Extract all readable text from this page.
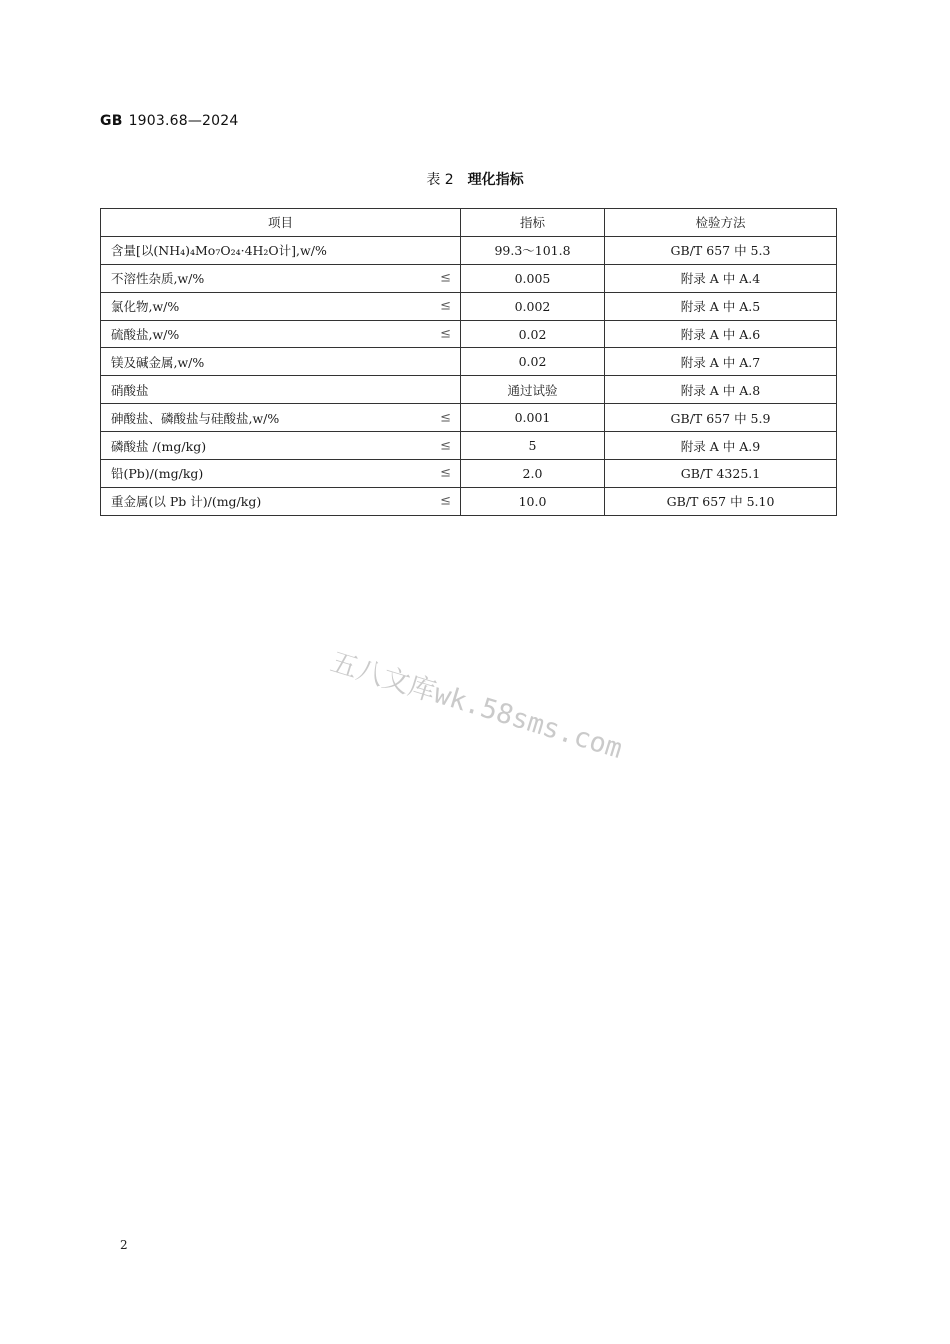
GB 1903.68—2024
表 2 理化指标
项目	指标	检验方法
含量[以(NH₄)₄Mo₇O₂₄·4H₂O计],w/%	99.3～101.8	GB/T 657 中 5.3
不溶性杂质,w/% ≤	0.005	附录 A 中 A.4
氯化物,w/% ≤	0.002	附录 A 中 A.5
硫酸盐,w/% ≤	0.02	附录 A 中 A.6
镁及碱金属,w/%	0.02	附录 A 中 A.7
硝酸盐	通过试验	附录 A 中 A.8
砷酸盐、磷酸盐与硅酸盐,w/% ≤	0.001	GB/T 657 中 5.9
磷酸盐 /(mg/kg) ≤	5	附录 A 中 A.9
铅(Pb)/(mg/kg) ≤	2.0	GB/T 4325.1
重金属(以 Pb 计)/(mg/kg) ≤	10.0	GB/T 657 中 5.10
五八文库wk.58sms.com
2
